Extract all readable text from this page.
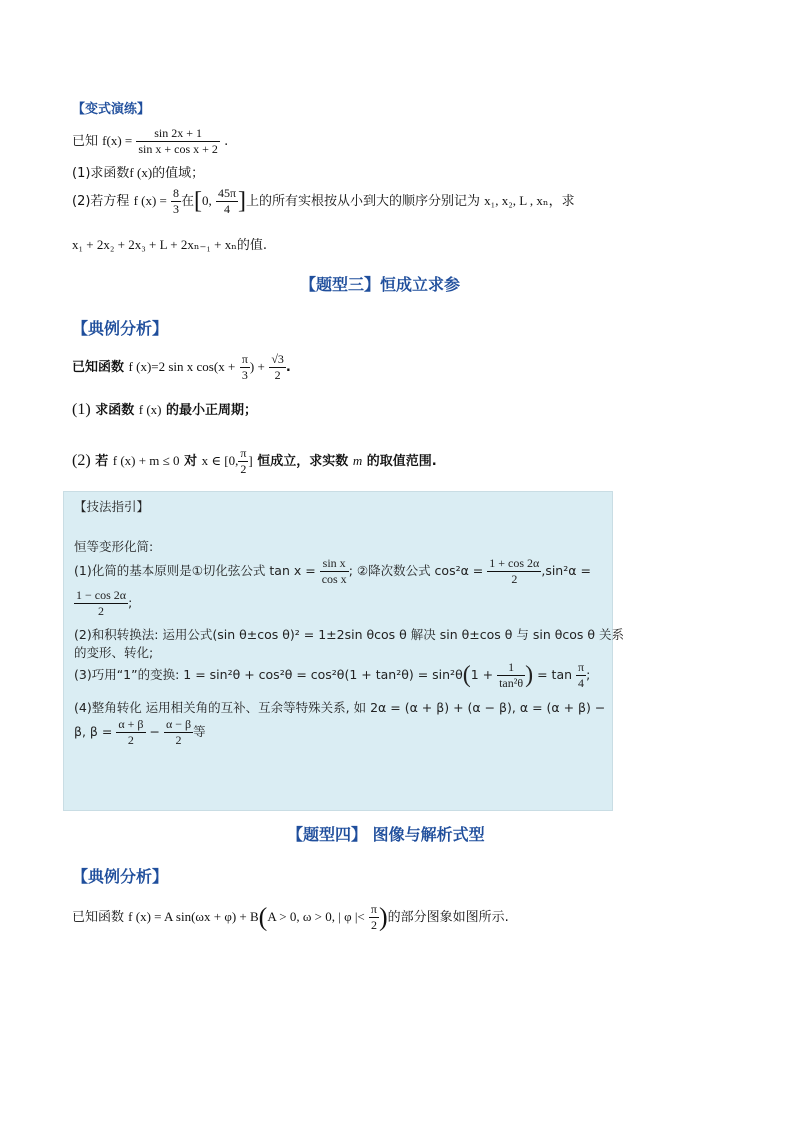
【变式演练】
已知 $f(x) = \frac{\sin 2x + 1}{\text{sin x + cos x + 2}}$ .
(1)求函数f (x)的值域；
(2)若方程 f $(x) = \frac{8}{3}$ 在[0, $\frac{45\pi}{4}$ ]上的所有实根按从小到大的顺序分别记为 x₁, x₂, L , xₙ，求
x₁ + 2x₂ + 2x₃ + L + 2xₙ₋₁ + xₙ的值.
【题型三】恒成立求参
【典例分析】
已知函数 f (x)=2 sin x $\cos(x + \frac{\pi}{3}$ ) + $\frac{√3}{2}$ .
(1) 求函数 f (x) 的最小正周期；
(2) 若 f (x) + m ≤ 0 对 x ∈ [0, $\frac{\pi}{2}$ ] 恒成立，求实数 m 的取值范围.
【技法指引】
恒等变形化简:
(1)化简的基本原则是①切化弦公式 $\tan x = \frac{\text{sin x}}{\text{cos x}}$ ; ②降次数公式 $\cos^2\alpha = \frac{1 + \cos 2\alpha}{2} ,\sin^2\alpha$ =
$\frac{1 - \cos 2\alpha}{2}$ ;
(2)和积转换法: 运用公式(sin θ±cos θ)² = 1±2sin θcos θ 解决 sin θ±cos θ 与 sin θcos θ 关系
的变形、转化;
(3)巧用“1”的变换: $1 = \sin^2\theta + \cos^2\theta = \cos^2\theta(1 + \tan^2\theta) = \sin^2\theta(1 + \frac{1}{\text{tan²θ}}$ ) = $\tan \frac{\pi}{4}$ ;
(4)整角转化 运用相关角的互补、互余等特殊关系, 如 2α = (α + β) + (α − β), α = (α + β) −
β, $\beta = \frac{\alpha + \beta}{2} - \frac{\alpha - \beta}{2}$ 等
【题型四】 图像与解析式型
【典例分析】
已知函数 f (x) = A sin(ωx + φ) + B(A > 0, ω > 0, | φ |< $\frac{\pi}{2}$ )的部分图象如图所示.
